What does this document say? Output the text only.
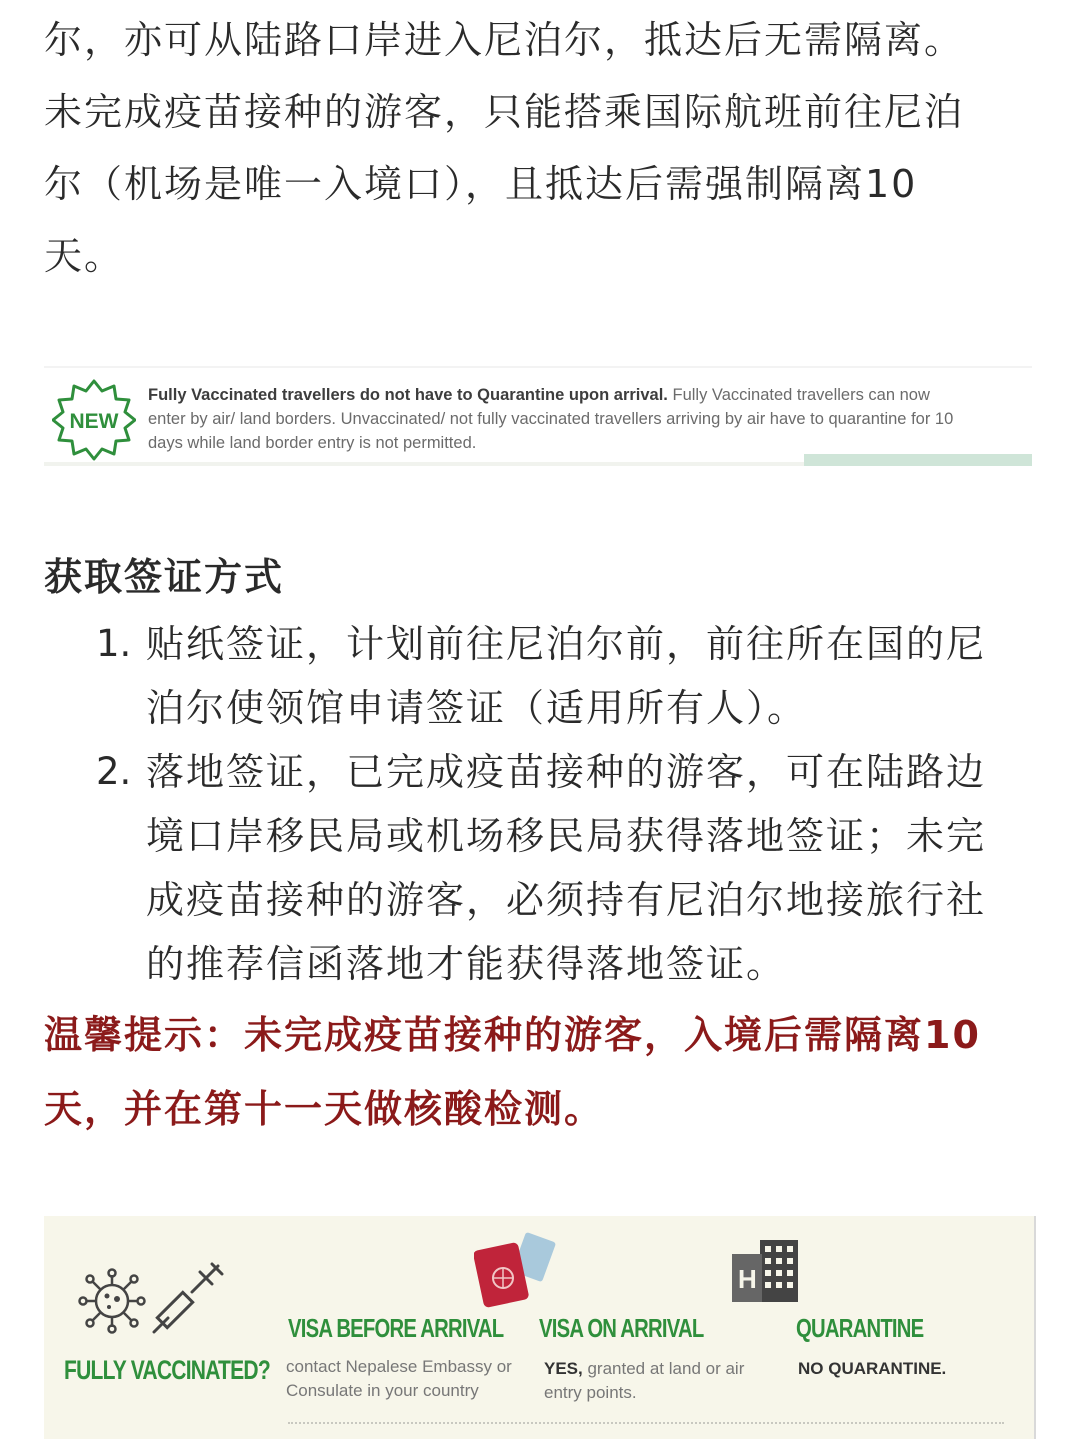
尔，亦可从陆路口岸进入尼泊尔，抵达后无需隔离。
未完成疫苗接种的游客，只能搭乘国际航班前往尼泊
尔（机场是唯一入境口），且抵达后需强制隔离10
天。
NEW
Fully Vaccinated travellers do not have to Quarantine upon arrival. Fully Vaccinated travellers can now
enter by air/ land borders. Unvaccinated/ not fully vaccinated travellers arriving by air have to quarantine for 10
days while land border entry is not permitted.
获取签证方式
1. 贴纸签证，计划前往尼泊尔前，前往所在国的尼
泊尔使领馆申请签证（适用所有人）。
2. 落地签证，已完成疫苗接种的游客，可在陆路边
境口岸移民局或机场移民局获得落地签证；未完
成疫苗接种的游客，必须持有尼泊尔地接旅行社
的推荐信函落地才能获得落地签证。
温馨提示：未完成疫苗接种的游客，入境后需隔离10
天，并在第十一天做核酸检测。
FULLY VACCINATED?
H
VISA BEFORE ARRIVAL
contact Nepalese Embassy or
Consulate in your country
VISA ON ARRIVAL
YES, granted at land or air
entry points.
QUARANTINE
NO QUARANTINE.
